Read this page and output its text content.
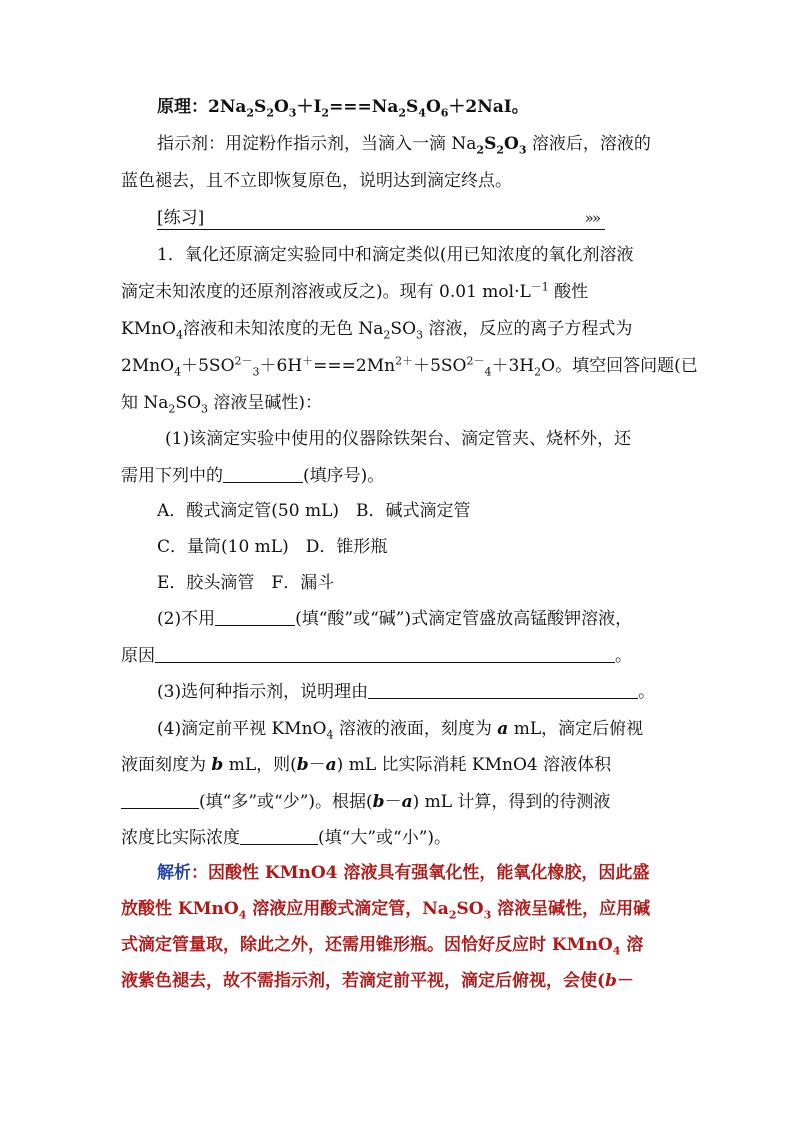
原理：$2Na_2S_2O_3+I_2===Na_2S_4O_6+2NaI$。
指示剂：用淀粉作指示剂，当滴入一滴 $Na_2S_2O_3$ 溶液后，溶液的
蓝色褪去，且不立即恢复原色，说明达到滴定终点。
[练习]	»»
1．氧化还原滴定实验同中和滴定类似(用已知浓度的氧化剂溶液
滴定未知浓度的还原剂溶液或反之)。现有 0.01 $mol\cdot L^{-1}$ 酸性
KMnO$_4$溶液和未知浓度的无色 $Na_2SO_3$ 溶液，反应的离子方程式为
$2MnO_4+5SO^{2-}_3+6H^+===2Mn^{2+}+5SO^{2-}_4+3H_2O$。填空回答问题(已
知 $Na_2SO_3$ 溶液呈碱性)：
(1)该滴定实验中使用的仪器除铁架台、滴定管夹、烧杯外，还
需用下列中的	(填序号)。
A．酸式滴定管(50 mL)　B．碱式滴定管
C．量筒(10 mL)　D．锥形瓶
E．胶头滴管　F．漏斗
(2)不用	(填“酸”或“碱”)式滴定管盛放高锰酸钾溶液，
原因	。
(3)选何种指示剂，说明理由	。
(4)滴定前平视 KMnO$_4$ 溶液的液面，刻度为 a mL，滴定后俯视
液面刻度为 b mL，则(b－a) mL 比实际消耗 KMnO4 溶液体积
(填“多”或“少”)。根据(b－a) mL 计算，得到的待测液
浓度比实际浓度	(填“大”或“小”)。
解析：因酸性 KMnO4 溶液具有强氧化性，能氧化橡胶，因此盛
放酸性 KMnO$_4$ 溶液应用酸式滴定管，$Na_2SO_3$ 溶液呈碱性，应用碱
式滴定管量取，除此之外，还需用锥形瓶。因恰好反应时 KMnO$_4$ 溶
液紫色褪去，故不需指示剂，若滴定前平视，滴定后俯视，会使(b－
